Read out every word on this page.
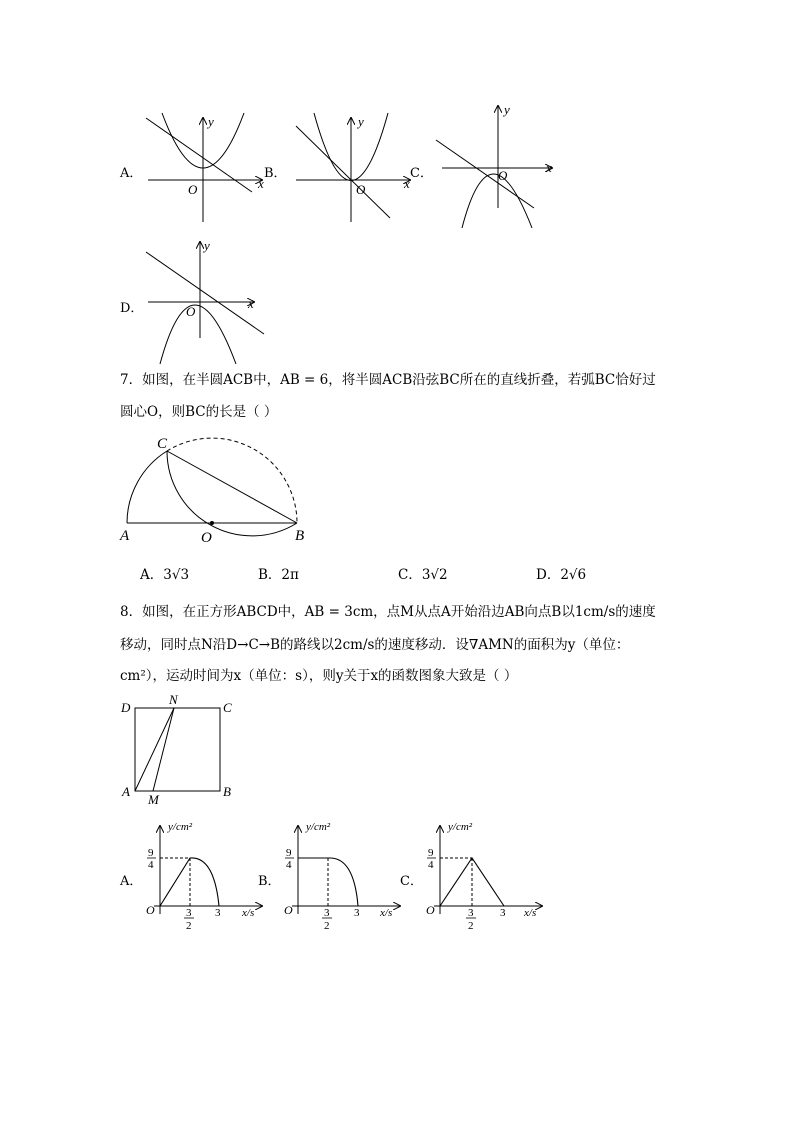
A．
x
y
O
B．
x
y
O
C．	x
y
O
D．	x
y
O
7．如图，在半圆ACB中，AB = 6，将半圆ACB沿弦BC所在的直线折叠，若弧BC恰好过
圆心O，则BC的长是（ ）
C
A	O	B
A．3√3	B．2π	C．3√2	D．2√6
8．如图，在正方形ABCD中，AB = 3cm，点M从点A开始沿边AB向点B以1cm/s的速度
移动，同时点N沿D→C→B的路线以2cm/s的速度移动．设∇AMN的面积为y（单位：
cm²），运动时间为x（单位：s），则y关于x的函数图象大致是（ ）
D
N
C
A
M
B
A．
y/cm²
9
4
O	3
2
3 x/s
B．
y/cm²
9
4
O	3
2
3 x/s
C．
y/cm²
9
4
O	3
2
3 x/s
